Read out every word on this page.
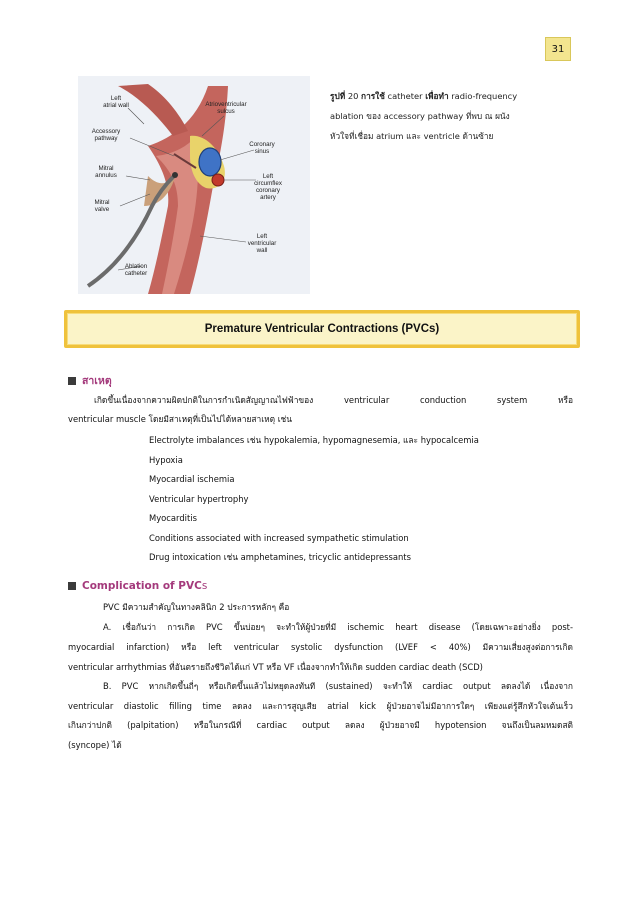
31
Left
atrial wall	Atrioventricular
sulcus
Accessory
pathway
Coronary
sinus
Mitral
annulus	Left
circumflex
coronary
artery
Mitral
valve
Left
ventricular
wall
Ablation
catheter
รูปที่ 20 การใช้ catheter เพื่อทำ radio-frequency
ablation ของ accessory pathway ที่พบ ณ ผนัง
หัวใจที่เชื่อม atrium และ ventricle ด้านซ้าย
Premature Ventricular Contractions (PVCs)
สาเหตุ
เกิดขึ้นเนื่องจากความผิดปกติในการกำเนิดสัญญาณไฟฟ้าของ ventricular conduction system หรือ
ventricular muscle โดยมีสาเหตุที่เป็นไปได้หลายสาเหตุ เช่น
Electrolyte imbalances เช่น hypokalemia, hypomagnesemia, และ hypocalcemia
Hypoxia
Myocardial ischemia
Ventricular hypertrophy
Myocarditis
Conditions associated with increased sympathetic stimulation
Drug intoxication เช่น amphetamines, tricyclic antidepressants
Complication of PVCs
PVC มีความสำคัญในทางคลินิก 2 ประการหลักๆ คือ
A. เชื่อกันว่า การเกิด PVC ขึ้นบ่อยๆ จะทำให้ผู้ป่วยที่มี ischemic heart disease (โดยเฉพาะอย่างยิ่ง post-
myocardial infarction) หรือ left ventricular systolic dysfunction (LVEF < 40%) มีความเสี่ยงสูงต่อการเกิด
ventricular arrhythmias ที่อันตรายถึงชีวิตได้แก่ VT หรือ VF เนื่องจากทำให้เกิด sudden cardiac death (SCD)
B. PVC หากเกิดขึ้นถี่ๆ หรือเกิดขึ้นแล้วไม่หยุดลงทันที (sustained) จะทำให้ cardiac output ลดลงได้ เนื่องจาก
ventricular diastolic filling time ลดลง และการสูญเสีย atrial kick ผู้ป่วยอาจไม่มีอาการใดๆ เพียงแต่รู้สึกหัวใจเต้นเร็ว
เกินกว่าปกติ (palpitation) หรือในกรณีที่ cardiac output ลดลง ผู้ป่วยอาจมี hypotension จนถึงเป็นลมหมดสติ
(syncope) ได้
